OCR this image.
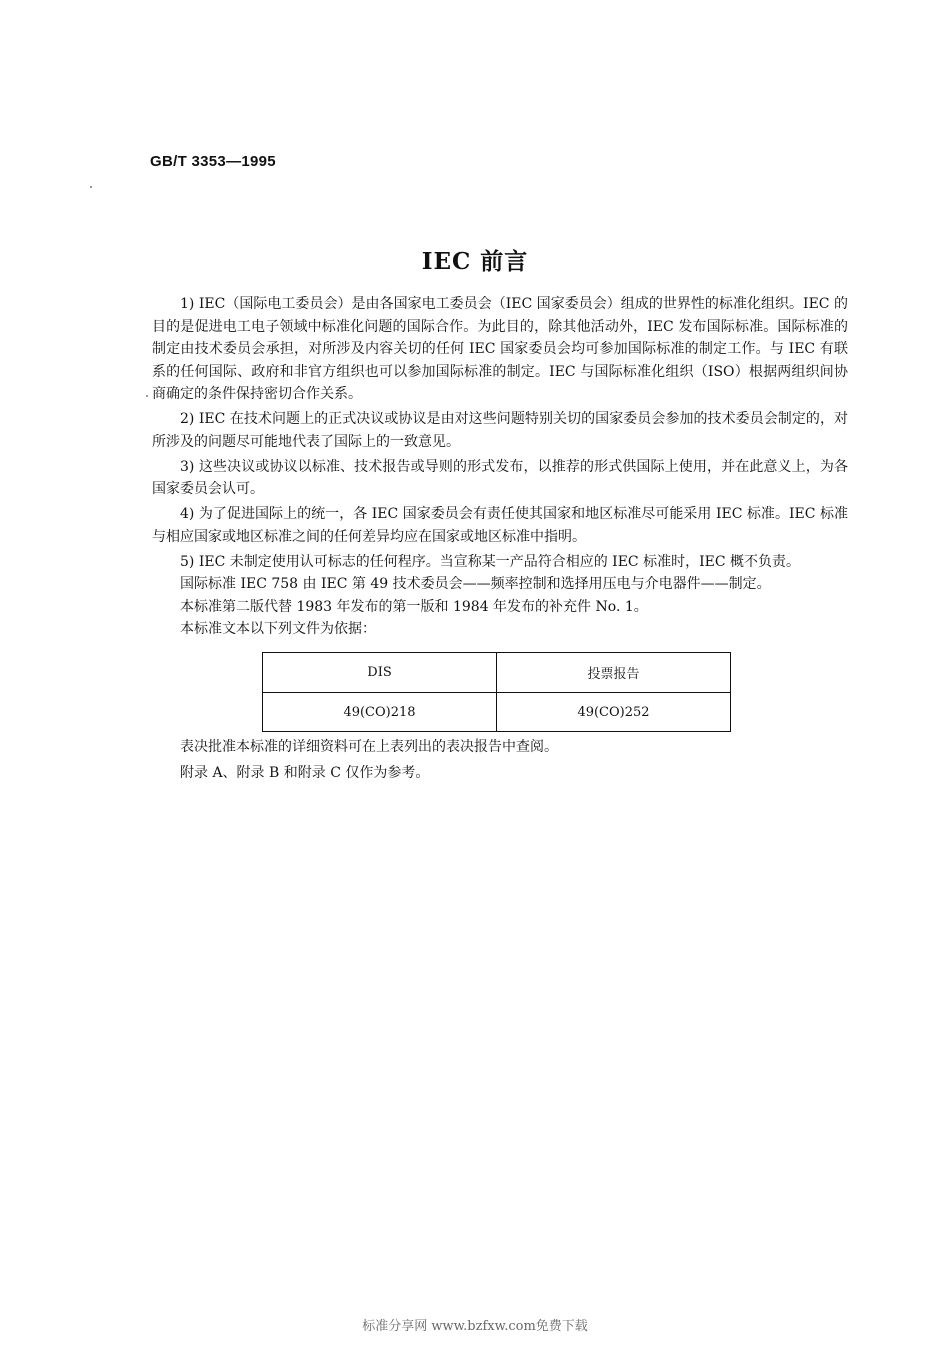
GB/T 3353—1995
IEC 前言

1) IEC（国际电工委员会）是由各国家电工委员会（IEC 国家委员会）组成的世界性的标准化组织。IEC 的目的是促进电工电子领域中标准化问题的国际合作。为此目的，除其他活动外，IEC 发布国际标准。国际标准的制定由技术委员会承担，对所涉及内容关切的任何 IEC 国家委员会均可参加国际标准的制定工作。与 IEC 有联系的任何国际、政府和非官方组织也可以参加国际标准的制定。IEC 与国际标准化组织（ISO）根据两组织间协商确定的条件保持密切合作关系。

2) IEC 在技术问题上的正式决议或协议是由对这些问题特别关切的国家委员会参加的技术委员会制定的，对所涉及的问题尽可能地代表了国际上的一致意见。

3) 这些决议或协议以标准、技术报告或导则的形式发布，以推荐的形式供国际上使用，并在此意义上，为各国家委员会认可。

4) 为了促进国际上的统一，各 IEC 国家委员会有责任使其国家和地区标准尽可能采用 IEC 标准。IEC 标准与相应国家或地区标准之间的任何差异均应在国家或地区标准中指明。

5) IEC 未制定使用认可标志的任何程序。当宣称某一产品符合相应的 IEC 标准时，IEC 概不负责。

国际标准 IEC 758 由 IEC 第 49 技术委员会——频率控制和选择用压电与介电器件——制定。

本标准第二版代替 1983 年发布的第一版和 1984 年发布的补充件 No. 1。

本标准文本以下列文件为依据：

DIS	投票报告
49(CO)218	49(CO)252

表决批准本标准的详细资料可在上表列出的表决报告中查阅。

附录 A、附录 B 和附录 C 仅作为参考。

标准分享网 www.bzfxw.com免费下载
